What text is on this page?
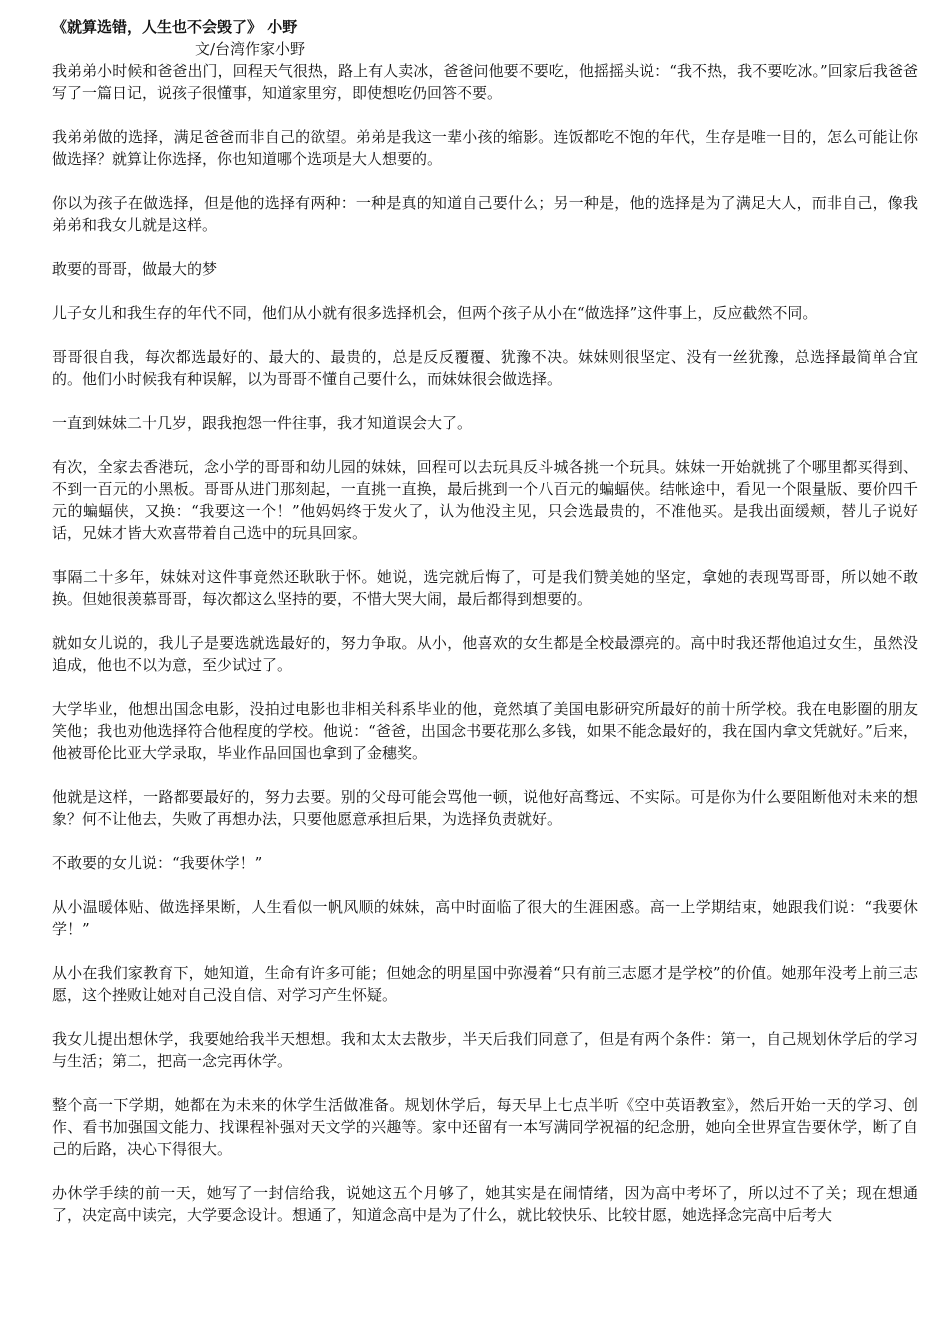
《就算选错，人生也不会毁了》 小野
文/台湾作家小野

我弟弟小时候和爸爸出门，回程天气很热，路上有人卖冰，爸爸问他要不要吃，他摇摇头说：“我不热，我不要吃冰。”回家后我爸爸写了一篇日记，说孩子很懂事，知道家里穷，即使想吃仍回答不要。

我弟弟做的选择，满足爸爸而非自己的欲望。弟弟是我这一辈小孩的缩影。连饭都吃不饱的年代，生存是唯一目的，怎么可能让你做选择？就算让你选择，你也知道哪个选项是大人想要的。

你以为孩子在做选择，但是他的选择有两种：一种是真的知道自己要什么；另一种是，他的选择是为了满足大人，而非自己，像我弟弟和我女儿就是这样。

敢要的哥哥，做最大的梦

儿子女儿和我生存的年代不同，他们从小就有很多选择机会，但两个孩子从小在“做选择”这件事上，反应截然不同。

哥哥很自我，每次都选最好的、最大的、最贵的，总是反反覆覆、犹豫不决。妹妹则很坚定、没有一丝犹豫，总选择最简单合宜的。他们小时候我有种误解，以为哥哥不懂自己要什么，而妹妹很会做选择。

一直到妹妹二十几岁，跟我抱怨一件往事，我才知道误会大了。

有次，全家去香港玩，念小学的哥哥和幼儿园的妹妹，回程可以去玩具反斗城各挑一个玩具。妹妹一开始就挑了个哪里都买得到、不到一百元的小黑板。哥哥从进门那刻起，一直挑一直换，最后挑到一个八百元的蝙蝠侠。结帐途中，看见一个限量版、要价四千元的蝙蝠侠，又换：“我要这一个！”他妈妈终于发火了，认为他没主见，只会选最贵的，不准他买。是我出面缓颊，替儿子说好话，兄妹才皆大欢喜带着自己选中的玩具回家。

事隔二十多年，妹妹对这件事竟然还耿耿于怀。她说，选完就后悔了，可是我们赞美她的坚定，拿她的表现骂哥哥，所以她不敢换。但她很羡慕哥哥，每次都这么坚持的要，不惜大哭大闹，最后都得到想要的。

就如女儿说的，我儿子是要选就选最好的，努力争取。从小，他喜欢的女生都是全校最漂亮的。高中时我还帮他追过女生，虽然没追成，他也不以为意，至少试过了。

大学毕业，他想出国念电影，没拍过电影也非相关科系毕业的他，竟然填了美国电影研究所最好的前十所学校。我在电影圈的朋友笑他；我也劝他选择符合他程度的学校。他说：“爸爸，出国念书要花那么多钱，如果不能念最好的，我在国内拿文凭就好。”后来，他被哥伦比亚大学录取，毕业作品回国也拿到了金穗奖。

他就是这样，一路都要最好的，努力去要。别的父母可能会骂他一顿，说他好高骛远、不实际。可是你为什么要阻断他对未来的想象？何不让他去，失败了再想办法，只要他愿意承担后果，为选择负责就好。

不敢要的女儿说：“我要休学！”

从小温暖体贴、做选择果断，人生看似一帆风顺的妹妹，高中时面临了很大的生涯困惑。高一上学期结束，她跟我们说：“我要休学！”

从小在我们家教育下，她知道，生命有许多可能；但她念的明星国中弥漫着“只有前三志愿才是学校”的价值。她那年没考上前三志愿，这个挫败让她对自己没自信、对学习产生怀疑。

我女儿提出想休学，我要她给我半天想想。我和太太去散步，半天后我们同意了，但是有两个条件：第一，自己规划休学后的学习与生活；第二，把高一念完再休学。

整个高一下学期，她都在为未来的休学生活做准备。规划休学后，每天早上七点半听《空中英语教室》，然后开始一天的学习、创作、看书加强国文能力、找课程补强对天文学的兴趣等。家中还留有一本写满同学祝福的纪念册，她向全世界宣告要休学，断了自己的后路，决心下得很大。

办休学手续的前一天，她写了一封信给我，说她这五个月够了，她其实是在闹情绪，因为高中考坏了，所以过不了关；现在想通了，决定高中读完，大学要念设计。想通了，知道念高中是为了什么，就比较快乐、比较甘愿，她选择念完高中后考大
